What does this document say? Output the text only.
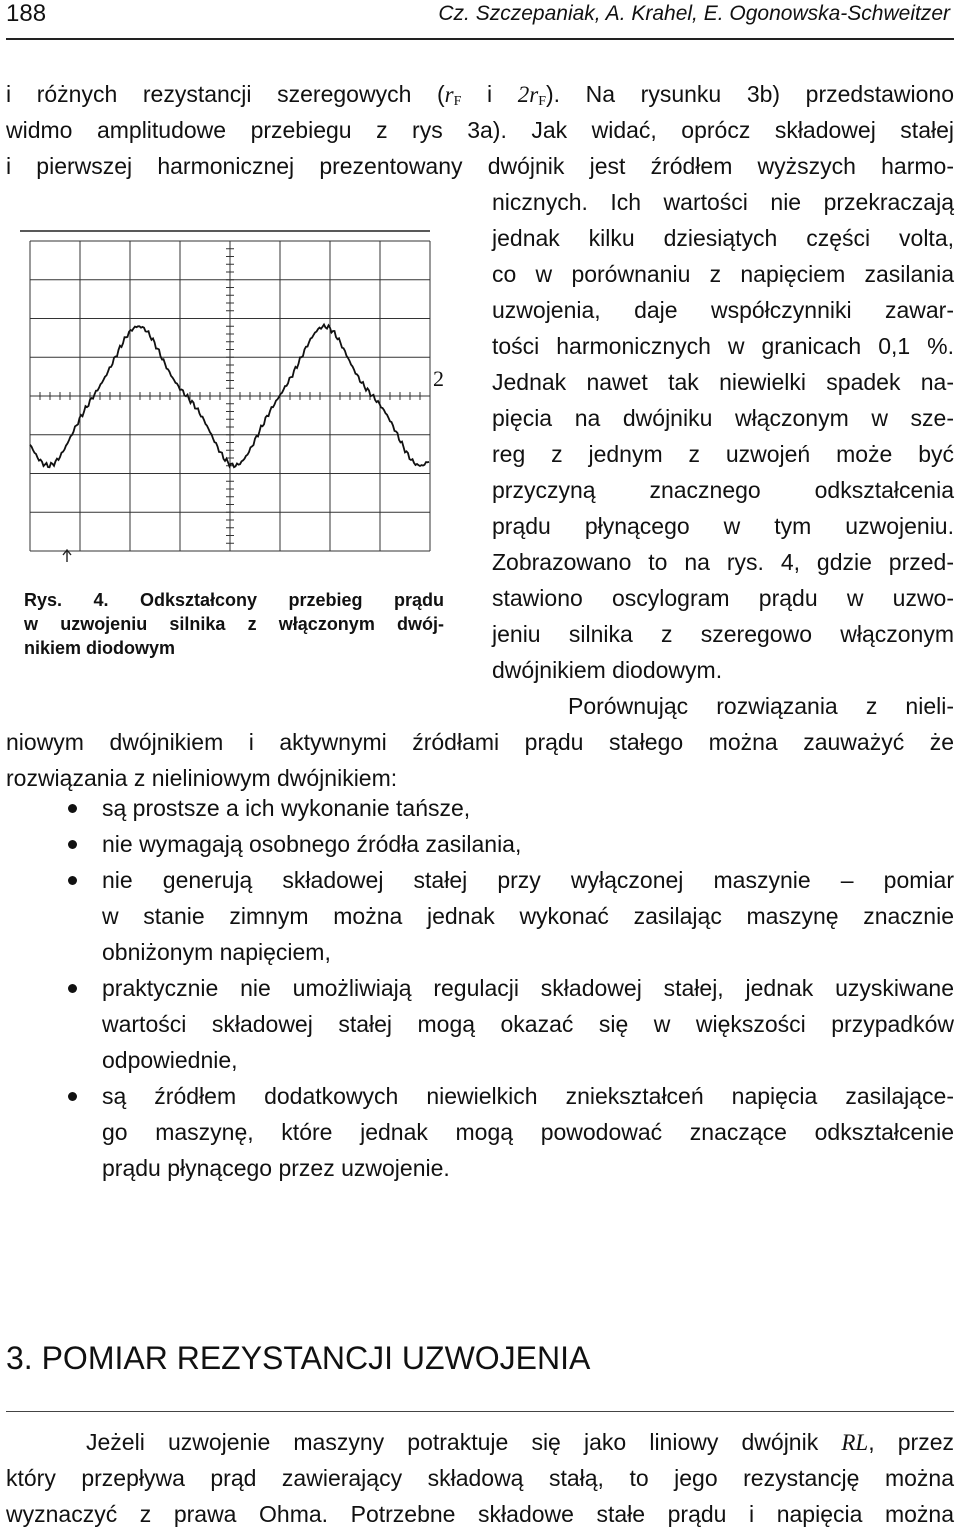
188	Cz. Szczepaniak, A. Krahel, E. Ogonowska-Schweitzer
i różnych rezystancji szeregowych ($r_F$ i $2r_F$). Na rysunku 3b) przedstawiono
widmo amplitudowe przebiegu z rys 3a). Jak widać, oprócz składowej stałej
i pierwszej harmonicznej prezentowany dwójnik jest źródłem wyższych harmo-
nicznych. Ich wartości nie przekraczają
jednak kilku dziesiątych części volta,
co w porównaniu z napięciem zasilania
uzwojenia, daje współczynniki zawar-
tości harmonicznych w granicach 0,1 %.
Jednak nawet tak niewielki spadek na-
pięcia na dwójniku włączonym w sze-
reg z jednym z uzwojeń może być
przyczyną znacznego odkształcenia
prądu płynącego w tym uzwojeniu.
Zobrazowano to na rys. 4, gdzie przed-
stawiono oscylogram prądu w uzwo-
jeniu silnika z szeregowo włączonym
dwójnikiem diodowym.
2
Rys. 4. Odkształcony przebieg prądu
w uzwojeniu silnika z włączonym dwój-
nikiem diodowym
Porównując rozwiązania z nieli-
niowym dwójnikiem i aktywnymi źródłami prądu stałego można zauważyć że
rozwiązania z nieliniowym dwójnikiem:
są prostsze a ich wykonanie tańsze,
nie wymagają osobnego źródła zasilania,
nie generują składowej stałej przy wyłączonej maszynie – pomiar
w stanie zimnym można jednak wykonać zasilając maszynę znacznie
obniżonym napięciem,
praktycznie nie umożliwiają regulacji składowej stałej, jednak uzyskiwane
wartości składowej stałej mogą okazać się w większości przypadków
odpowiednie,
są źródłem dodatkowych niewielkich zniekształceń napięcia zasilające-
go maszynę, które jednak mogą powodować znaczące odkształcenie
prądu płynącego przez uzwojenie.
3. POMIAR REZYSTANCJI UZWOJENIA
Jeżeli uzwojenie maszyny potraktuje się jako liniowy dwójnik RL, przez
który przepływa prąd zawierający składową stałą, to jego rezystancję można
wyznaczyć z prawa Ohma. Potrzebne składowe stałe prądu i napięcia można
